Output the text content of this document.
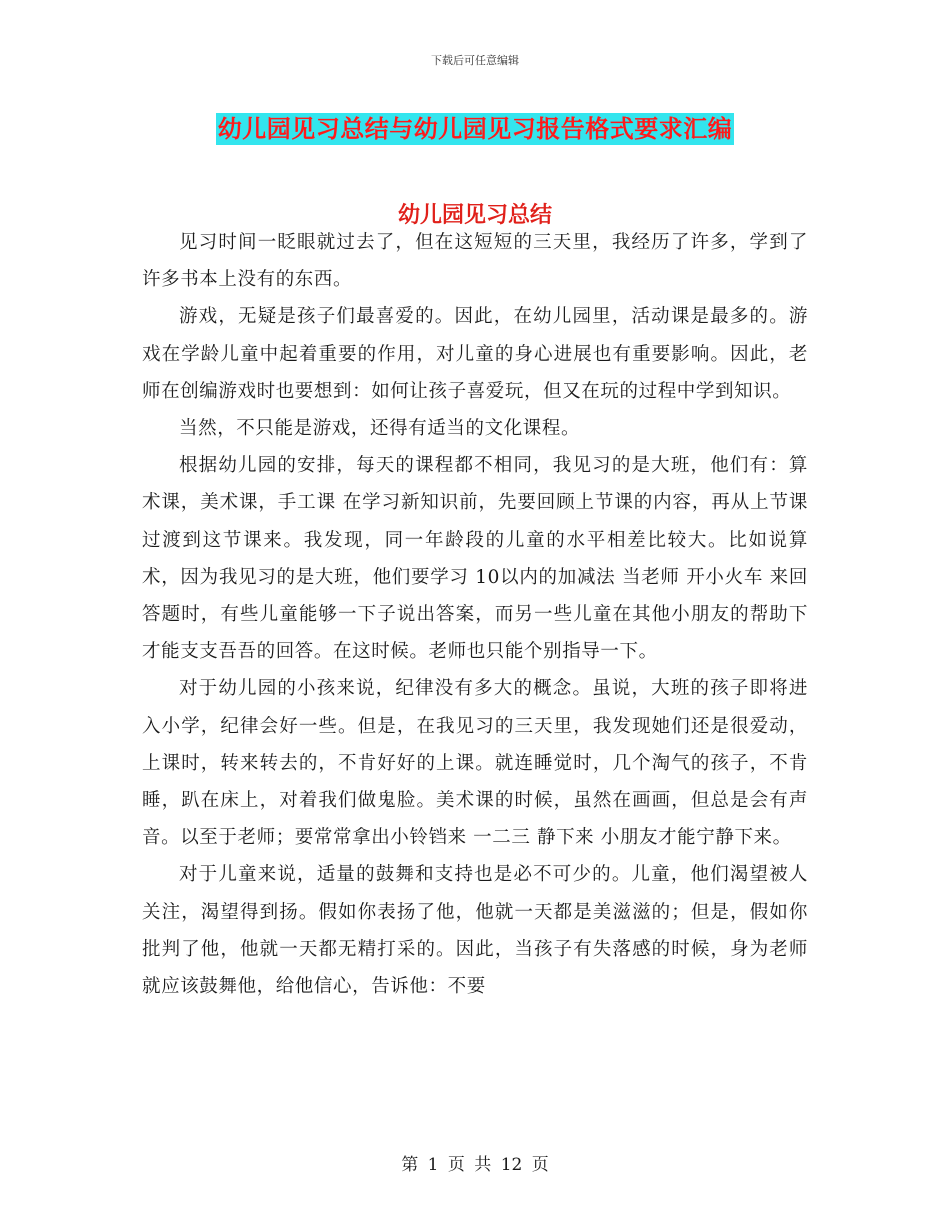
下载后可任意编辑
幼儿园见习总结与幼儿园见习报告格式要求汇编
幼儿园见习总结

见习时间一眨眼就过去了，但在这短短的三天里，我经历了许多，学到了许多书本上没有的东西。

游戏，无疑是孩子们最喜爱的。因此，在幼儿园里，活动课是最多的。游戏在学龄儿童中起着重要的作用，对儿童的身心进展也有重要影响。因此，老师在创编游戏时也要想到：如何让孩子喜爱玩，但又在玩的过程中学到知识。

当然，不只能是游戏，还得有适当的文化课程。

根据幼儿园的安排，每天的课程都不相同，我见习的是大班，他们有：算术课，美术课，手工课 在学习新知识前，先要回顾上节课的内容，再从上节课过渡到这节课来。我发现，同一年龄段的儿童的水平相差比较大。比如说算术，因为我见习的是大班，他们要学习 10以内的加减法 当老师 开小火车 来回答题时，有些儿童能够一下子说出答案，而另一些儿童在其他小朋友的帮助下才能支支吾吾的回答。在这时候。老师也只能个别指导一下。

对于幼儿园的小孩来说，纪律没有多大的概念。虽说，大班的孩子即将进入小学，纪律会好一些。但是，在我见习的三天里，我发现她们还是很爱动，上课时，转来转去的，不肯好好的上课。就连睡觉时，几个淘气的孩子，不肯睡，趴在床上，对着我们做鬼脸。美术课的时候，虽然在画画，但总是会有声音。以至于老师；要常常拿出小铃铛来 一二三 静下来 小朋友才能宁静下来。

对于儿童来说，适量的鼓舞和支持也是必不可少的。儿童，他们渴望被人关注，渴望得到扬。假如你表扬了他，他就一天都是美滋滋的；但是，假如你批判了他，他就一天都无精打采的。因此，当孩子有失落感的时候，身为老师就应该鼓舞他，给他信心，告诉他：不要

第 1 页 共 12 页
